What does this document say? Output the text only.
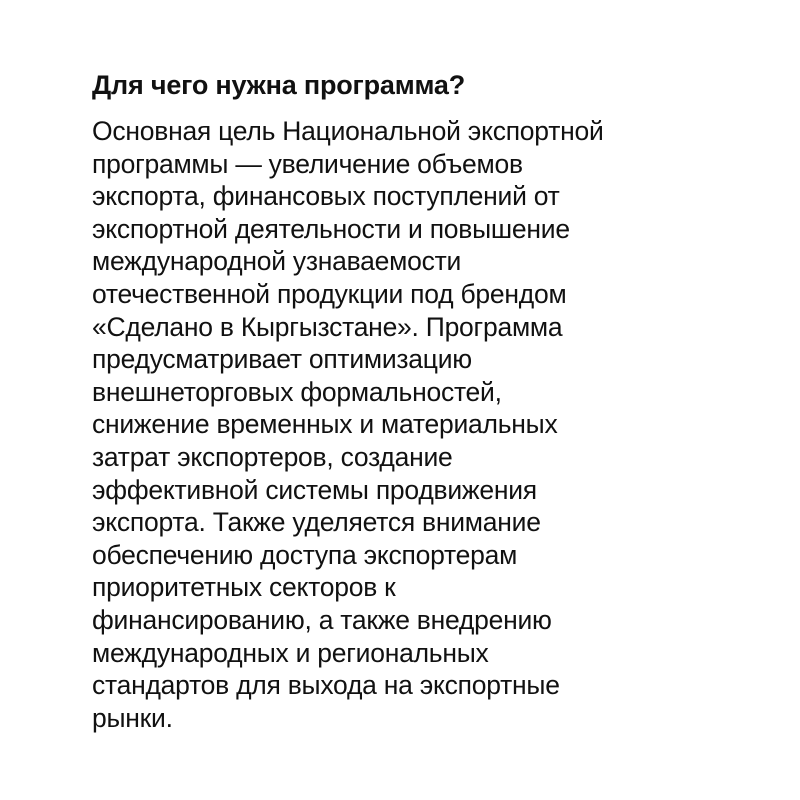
Для чего нужна программа?
Основная цель Национальной экспортной
программы — увеличение объемов
экспорта, финансовых поступлений от
экспортной деятельности и повышение
международной узнаваемости
отечественной продукции под брендом
«Сделано в Кыргызстане». Программа
предусматривает оптимизацию
внешнеторговых формальностей,
снижение временных и материальных
затрат экспортеров, создание
эффективной системы продвижения
экспорта. Также уделяется внимание
обеспечению доступа экспортерам
приоритетных секторов к
финансированию, а также внедрению
международных и региональных
стандартов для выхода на экспортные
рынки.
